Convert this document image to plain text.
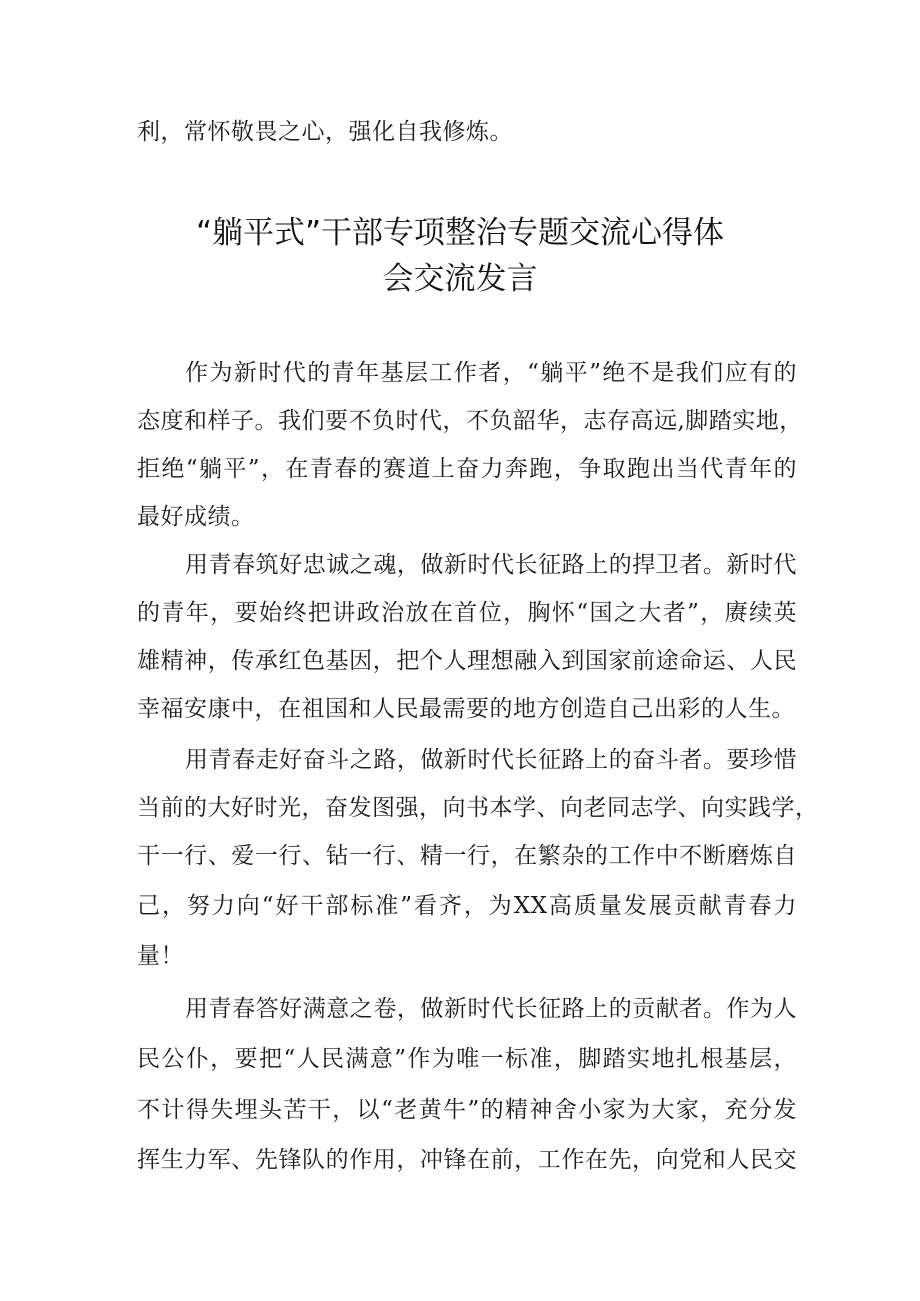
利，常怀敬畏之心，强化自我修炼。
“躺平式”干部专项整治专题交流心得体
会交流发言
作为新时代的青年基层工作者，“躺平”绝不是我们应有的
态度和样子。我们要不负时代，不负韶华，志存高远,脚踏实地，
拒绝“躺平”，在青春的赛道上奋力奔跑，争取跑出当代青年的
最好成绩。
用青春筑好忠诚之魂，做新时代长征路上的捍卫者。新时代
的青年，要始终把讲政治放在首位，胸怀“国之大者”，赓续英
雄精神，传承红色基因，把个人理想融入到国家前途命运、人民
幸福安康中，在祖国和人民最需要的地方创造自己出彩的人生。
用青春走好奋斗之路，做新时代长征路上的奋斗者。要珍惜
当前的大好时光，奋发图强，向书本学、向老同志学、向实践学，
干一行、爱一行、钻一行、精一行，在繁杂的工作中不断磨炼自
己，努力向“好干部标准”看齐，为XX高质量发展贡献青春力
量！
用青春答好满意之卷，做新时代长征路上的贡献者。作为人
民公仆，要把“人民满意”作为唯一标准，脚踏实地扎根基层，
不计得失埋头苦干，以“老黄牛”的精神舍小家为大家，充分发
挥生力军、先锋队的作用，冲锋在前，工作在先，向党和人民交
